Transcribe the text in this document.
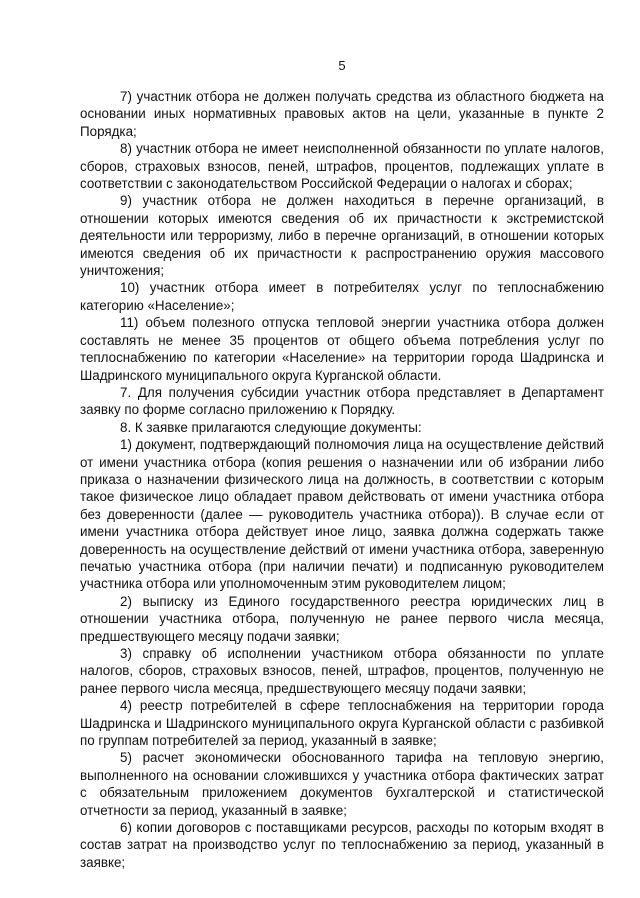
5

7) участник отбора не должен получать средства из областного бюджета на основании иных нормативных правовых актов на цели, указанные в пункте 2 Порядка;

8) участник отбора не имеет неисполненной обязанности по уплате налогов, сборов, страховых взносов, пеней, штрафов, процентов, подлежащих уплате в соответствии с законодательством Российской Федерации о налогах и сборах;

9) участник отбора не должен находиться в перечне организаций, в отношении которых имеются сведения об их причастности к экстремистской деятельности или терроризму, либо в перечне организаций, в отношении которых имеются сведения об их причастности к распространению оружия массового уничтожения;

10) участник отбора имеет в потребителях услуг по теплоснабжению категорию «Население»;

11) объем полезного отпуска тепловой энергии участника отбора должен составлять не менее 35 процентов от общего объема потребления услуг по теплоснабжению по категории «Население» на территории города Шадринска и Шадринского муниципального округа Курганской области.

7. Для получения субсидии участник отбора представляет в Департамент заявку по форме согласно приложению к Порядку.

8. К заявке прилагаются следующие документы:

1) документ, подтверждающий полномочия лица на осуществление действий от имени участника отбора (копия решения о назначении или об избрании либо приказа о назначении физического лица на должность, в соответствии с которым такое физическое лицо обладает правом действовать от имени участника отбора без доверенности (далее — руководитель участника отбора)). В случае если от имени участника отбора действует иное лицо, заявка должна содержать также доверенность на осуществление действий от имени участника отбора, заверенную печатью участника отбора (при наличии печати) и подписанную руководителем участника отбора или уполномоченным этим руководителем лицом;

2) выписку из Единого государственного реестра юридических лиц в отношении участника отбора, полученную не ранее первого числа месяца, предшествующего месяцу подачи заявки;

3) справку об исполнении участником отбора обязанности по уплате налогов, сборов, страховых взносов, пеней, штрафов, процентов, полученную не ранее первого числа месяца, предшествующего месяцу подачи заявки;

4) реестр потребителей в сфере теплоснабжения на территории города Шадринска и Шадринского муниципального округа Курганской области с разбивкой по группам потребителей за период, указанный в заявке;

5) расчет экономически обоснованного тарифа на тепловую энергию, выполненного на основании сложившихся у участника отбора фактических затрат с обязательным приложением документов бухгалтерской и статистической отчетности за период, указанный в заявке;

6) копии договоров с поставщиками ресурсов, расходы по которым входят в состав затрат на производство услуг по теплоснабжению за период, указанный в заявке;
